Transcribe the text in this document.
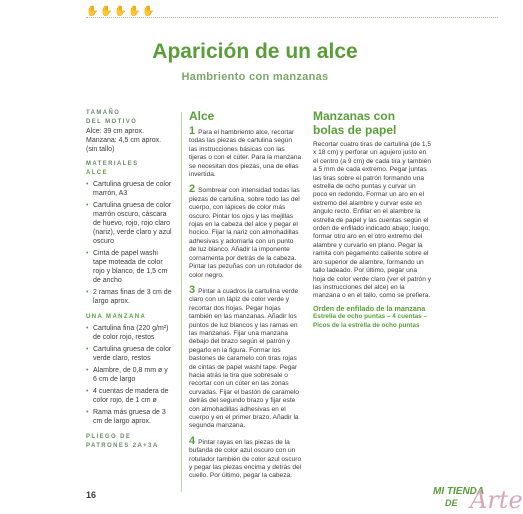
✋ ✋ ✋ ✋ ✋
Aparición de un alce
Hambriento con manzanas
TAMAÑO
DEL MOTIVO
Alce: 39 cm aprox.
Manzana: 4,5 cm aprox.
(sin tallo)
MATERIALES
ALCE
• Cartulina gruesa de color marrón, A3
• Cartulina gruesa de color marrón oscuro, cáscara de huevo, rojo, rojo claro (nariz), verde claro y azul oscuro
• Cinta de papel washi tape moteada de color rojo y blanco, de 1,5 cm de ancho
• 2 ramas finas de 3 cm de largo aprox.
UNA MANZANA
• Cartulina fina (220 g/m²) de color rojo, restos
• Cartulina gruesa de color verde claro, restos
• Alambre, de 0,8 mm ø y 6 cm de largo
• 4 cuentas de madera de color rojo, de 1 cm ø
• Rama más gruesa de 3 cm de largo aprox.
PLIEGO DE
PATRONES 2A+3A
Alce
1 Para el hambriento alce, recortar todas las piezas de cartulina según las instrucciones básicas con las tijeras o con el cúter. Para la manzana se necesitan dos piezas, una de ellas invertida.
2 Sombrear con intensidad todas las piezas de cartulina, sobre todo las del cuerpo, con lápices de color más oscuro. Pintar los ojos y las mejillas rojas en la cabeza del alce y pegar el hocico. Fijar la nariz con almohadillas adhesivas y adornarla con un punto de luz blanco. Añadir la imponente cornamenta por detrás de la cabeza. Pintar las pezuñas con un rotulador de color negro.
3 Pintar a cuadros la cartulina verde claro con un lápiz de color verde y recortar dos hojas. Pegar hojas también en las manzanas. Añadir los puntos de luz blancos y las ramas en las manzanas. Fijar una manzana debajo del brazo según el patrón y pegarlo en la figura. Formar los bastones de caramelo con tiras rojas de cintas de papel washi tape. Pegar hacia atrás la tira que sobresale o recortar con un cúter en las zonas curvadas. Fijar el bastón de caramelo detrás del segundo brazo y fijar este con almohadillas adhesivas en el cuerpo y en el primer brazo. Añadir la segunda manzana.
4 Pintar rayas en las piezas de la bufanda de color azul oscuro con un rotulador también de color azul oscuro y pegar las piezas encima y detrás del cuello. Por último, pegar la cabeza.
Manzanas con
bolas de papel
Recortar cuatro tiras de cartulina (de 1,5 x 18 cm) y perforar un agujero justo en el centro (a 9 cm) de cada tira y también a 5 mm de cada extremo. Pegar juntas las tiras sobre el patrón formando una estrella de ocho puntas y curvar un poco en redondo. Formar un aro en el extremo del alambre y curvar este en ángulo recto. Enfilar en el alambre la estrella de papel y las cuentas según el orden de enfilado indicado abajo; luego, formar otro aro en el otro extremo del alambre y curvarlo en plano. Pegar la ramita con pegamento caliente sobre el aro superior de alambre, formando un tallo ladeado. Por último, pegar una hoja de color verde claro (ver el patrón y las instrucciones del alce) en la manzana o en el tallo, como se prefiera.
Orden de enfilado de la manzana
Estrella de ocho puntas – 4 cuentas – Picos de la estrella de ocho puntas
16	MI TIENDA
DE Arte
